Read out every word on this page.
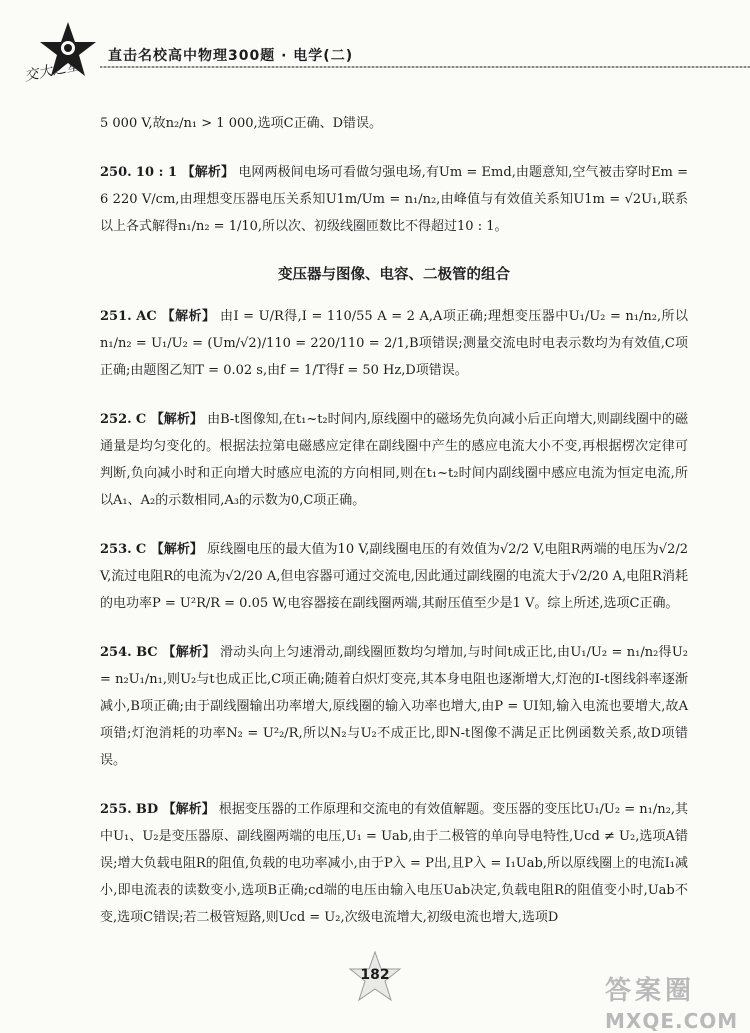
交大之星
直击名校高中物理300题 · 电学(二)

5 000 V,故n₂/n₁ > 1 000,选项C正确、D错误。

250. 10 : 1 【解析】 电网两极间电场可看做匀强电场,有Um = Emd,由题意知,空气被击穿时Em = 6 220 V/cm,由理想变压器电压关系知U1m/Um = n₁/n₂,由峰值与有效值关系知U1m = √2U₁,联系以上各式解得n₁/n₂ = 1/10,所以次、初级线圈匝数比不得超过10 : 1。

变压器与图像、电容、二极管的组合

251. AC 【解析】 由I = U/R得,I = 110/55 A = 2 A,A项正确;理想变压器中U₁/U₂ = n₁/n₂,所以n₁/n₂ = U₁/U₂ = (Um/√2)/110 = 220/110 = 2/1,B项错误;测量交流电时电表示数均为有效值,C项正确;由题图乙知T = 0.02 s,由f = 1/T得f = 50 Hz,D项错误。

252. C 【解析】 由B-t图像知,在t₁~t₂时间内,原线圈中的磁场先负向减小后正向增大,则副线圈中的磁通量是均匀变化的。根据法拉第电磁感应定律在副线圈中产生的感应电流大小不变,再根据楞次定律可判断,负向减小时和正向增大时感应电流的方向相同,则在t₁~t₂时间内副线圈中感应电流为恒定电流,所以A₁、A₂的示数相同,A₃的示数为0,C项正确。

253. C 【解析】 原线圈电压的最大值为10 V,副线圈电压的有效值为√2/2 V,电阻R两端的电压为√2/2 V,流过电阻R的电流为√2/20 A,但电容器可通过交流电,因此通过副线圈的电流大于√2/20 A,电阻R消耗的电功率P = U²R/R = 0.05 W,电容器接在副线圈两端,其耐压值至少是1 V。综上所述,选项C正确。

254. BC 【解析】 滑动头向上匀速滑动,副线圈匝数均匀增加,与时间t成正比,由U₁/U₂ = n₁/n₂得U₂ = n₂U₁/n₁,则U₂与t也成正比,C项正确;随着白炽灯变亮,其本身电阻也逐渐增大,灯泡的I-t图线斜率逐渐减小,B项正确;由于副线圈输出功率增大,原线圈的输入功率也增大,由P = UI知,输入电流也要增大,故A项错;灯泡消耗的功率N₂ = U²₂/R,所以N₂与U₂不成正比,即N-t图像不满足正比例函数关系,故D项错误。

255. BD 【解析】 根据变压器的工作原理和交流电的有效值解题。变压器的变压比U₁/U₂ = n₁/n₂,其中U₁、U₂是变压器原、副线圈两端的电压,U₁ = Uab,由于二极管的单向导电特性,Ucd ≠ U₂,选项A错误;增大负载电阻R的阻值,负载的电功率减小,由于P入 = P出,且P入 = I₁Uab,所以原线圈上的电流I₁减小,即电流表的读数变小,选项B正确;cd端的电压由输入电压Uab决定,负载电阻R的阻值变小时,Uab不变,选项C错误;若二极管短路,则Ucd = U₂,次级电流增大,初级电流也增大,选项D

182
答案圈
MXQE.COM
